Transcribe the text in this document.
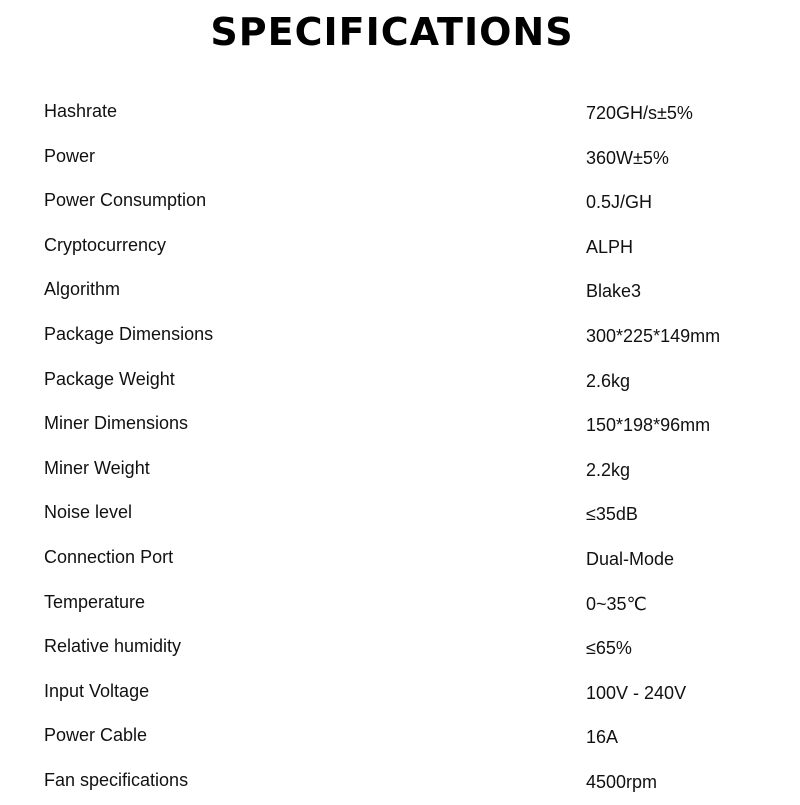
SPECIFICATIONS
Hashrate	720GH/s±5%
Power	360W±5%
Power Consumption	0.5J/GH
Cryptocurrency	ALPH
Algorithm	Blake3
Package Dimensions	300*225*149mm
Package Weight	2.6kg
Miner Dimensions	150*198*96mm
Miner Weight	2.2kg
Noise level	≤35dB
Connection Port	Dual-Mode
Temperature	0~35℃
Relative humidity	≤65%
Input Voltage	100V - 240V
Power Cable	16A
Fan specifications	4500rpm
